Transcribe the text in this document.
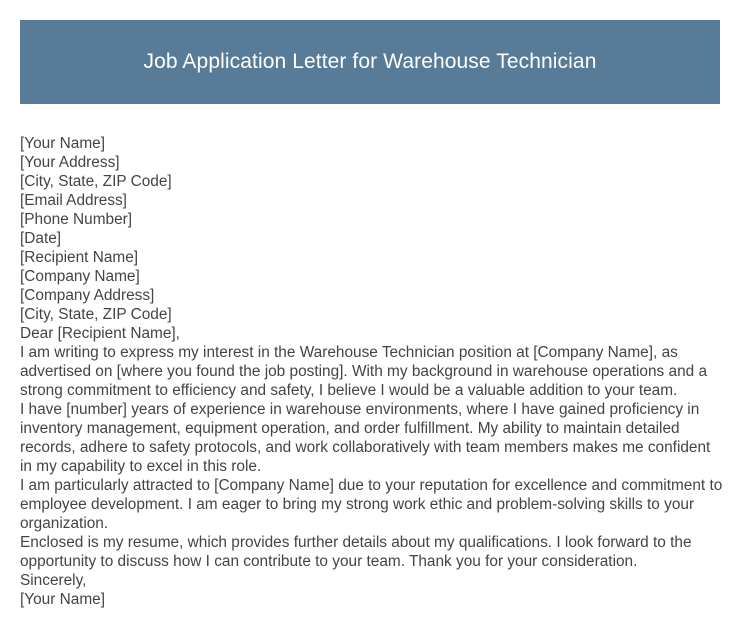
Job Application Letter for Warehouse Technician
[Your Name]
[Your Address]
[City, State, ZIP Code]
[Email Address]
[Phone Number]
[Date]
[Recipient Name]
[Company Name]
[Company Address]
[City, State, ZIP Code]
Dear [Recipient Name],
I am writing to express my interest in the Warehouse Technician position at [Company Name], as advertised on [where you found the job posting]. With my background in warehouse operations and a strong commitment to efficiency and safety, I believe I would be a valuable addition to your team.
I have [number] years of experience in warehouse environments, where I have gained proficiency in inventory management, equipment operation, and order fulfillment. My ability to maintain detailed records, adhere to safety protocols, and work collaboratively with team members makes me confident in my capability to excel in this role.
I am particularly attracted to [Company Name] due to your reputation for excellence and commitment to employee development. I am eager to bring my strong work ethic and problem-solving skills to your organization.
Enclosed is my resume, which provides further details about my qualifications. I look forward to the opportunity to discuss how I can contribute to your team. Thank you for your consideration.
Sincerely,
[Your Name]
